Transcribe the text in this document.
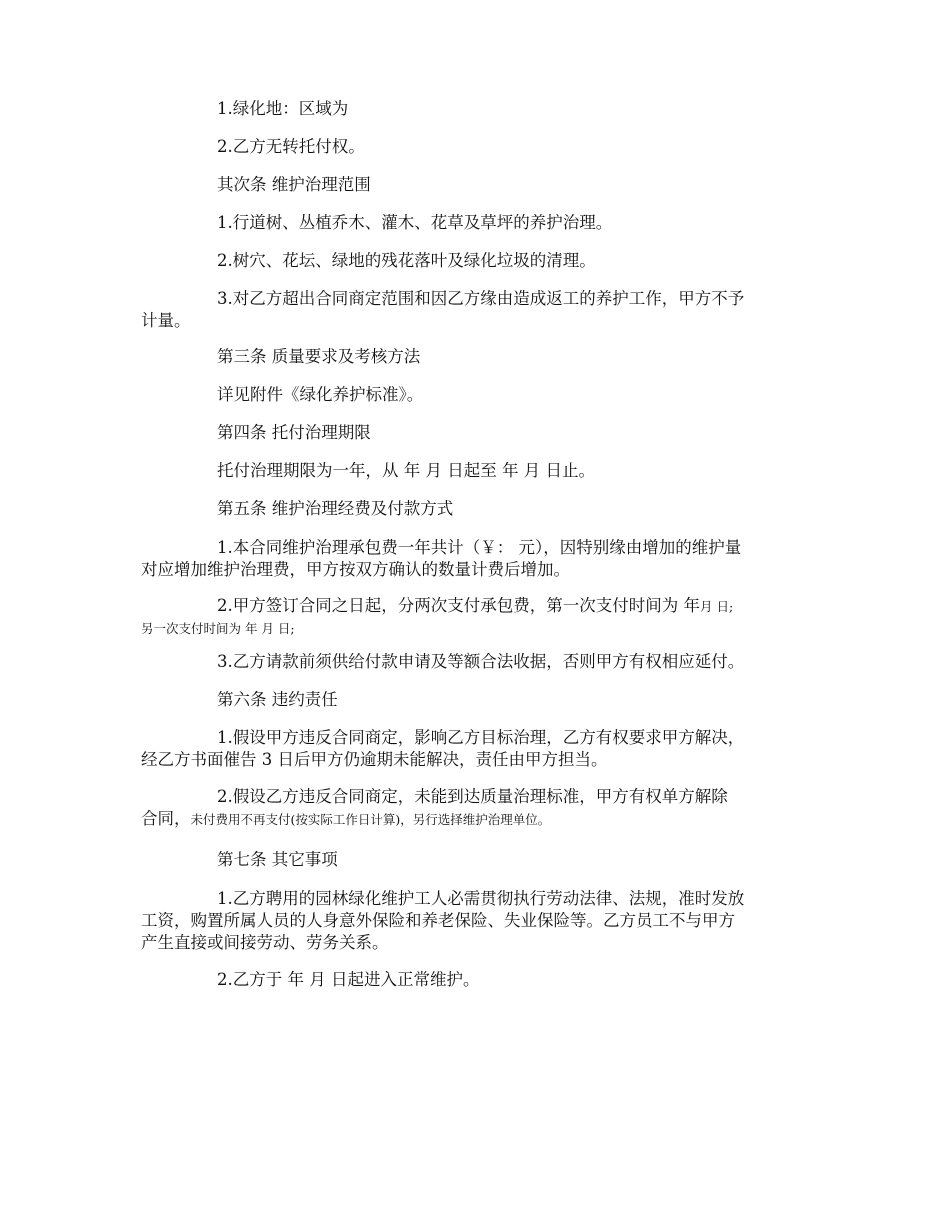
1.绿化地：区域为

2.乙方无转托付权。

其次条 维护治理范围

1.行道树、丛植乔木、灌木、花草及草坪的养护治理。

2.树穴、花坛、绿地的残花落叶及绿化垃圾的清理。

3.对乙方超出合同商定范围和因乙方缘由造成返工的养护工作，甲方不予
计量。

第三条 质量要求及考核方法

详见附件《绿化养护标准》。

第四条 托付治理期限

托付治理期限为一年，从 年 月 日起至 年 月 日止。

第五条 维护治理经费及付款方式

1.本合同维护治理承包费一年共计（￥： 元），因特别缘由增加的维护量
对应增加维护治理费，甲方按双方确认的数量计费后增加。

2.甲方签订合同之日起，分两次支付承包费，第一次支付时间为 年月 日;
另一次支付时间为 年 月 日;

3.乙方请款前须供给付款申请及等额合法收据，否则甲方有权相应延付。

第六条 违约责任

1.假设甲方违反合同商定，影响乙方目标治理，乙方有权要求甲方解决，
经乙方书面催告 3 日后甲方仍逾期未能解决，责任由甲方担当。

2.假设乙方违反合同商定，未能到达质量治理标准，甲方有权单方解除
合同，未付费用不再支付(按实际工作日计算)，另行选择维护治理单位。

第七条 其它事项

1.乙方聘用的园林绿化维护工人必需贯彻执行劳动法律、法规，准时发放
工资，购置所属人员的人身意外保险和养老保险、失业保险等。乙方员工不与甲方
产生直接或间接劳动、劳务关系。

2.乙方于 年 月 日起进入正常维护。
